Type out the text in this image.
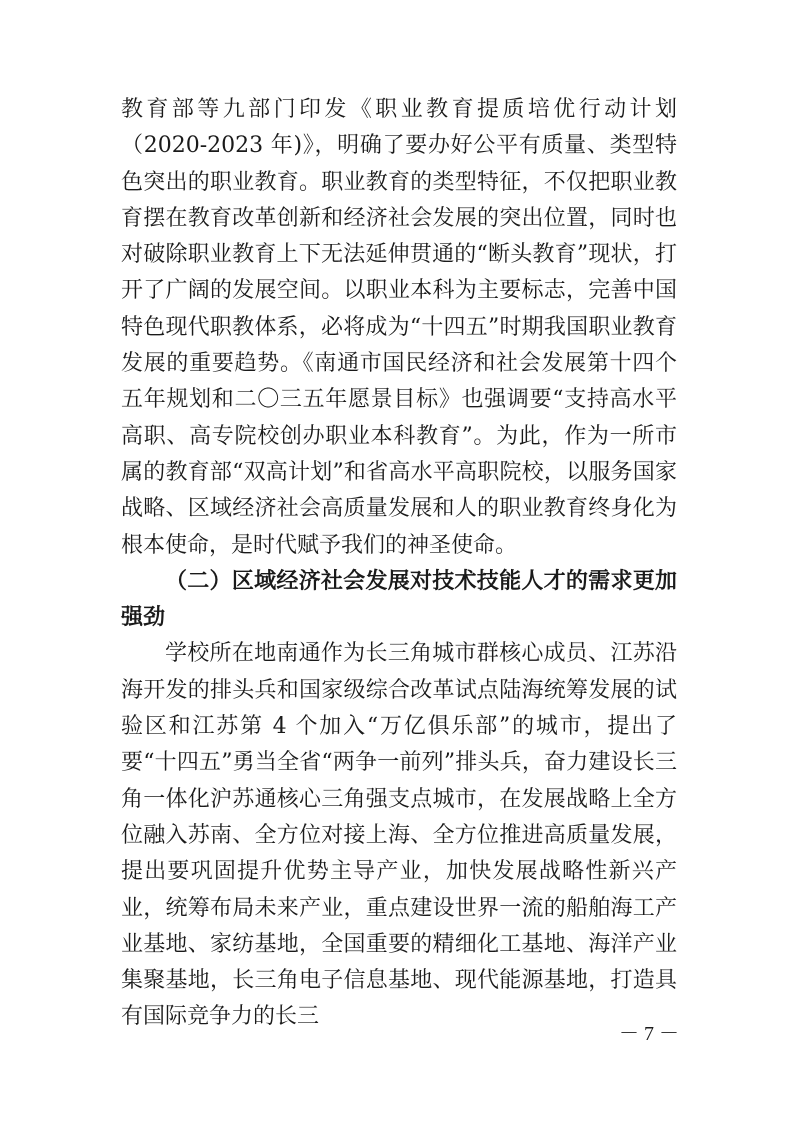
教育部等九部门印发《职业教育提质培优行动计划（2020-2023 年)》，明确了要办好公平有质量、类型特色突出的职业教育。职业教育的类型特征，不仅把职业教育摆在教育改革创新和经济社会发展的突出位置，同时也对破除职业教育上下无法延伸贯通的“断头教育”现状，打开了广阔的发展空间。以职业本科为主要标志，完善中国特色现代职教体系，必将成为“十四五”时期我国职业教育发展的重要趋势。《南通市国民经济和社会发展第十四个五年规划和二〇三五年愿景目标》也强调要“支持高水平高职、高专院校创办职业本科教育”。为此，作为一所市属的教育部“双高计划”和省高水平高职院校，以服务国家战略、区域经济社会高质量发展和人的职业教育终身化为根本使命，是时代赋予我们的神圣使命。

（二）区域经济社会发展对技术技能人才的需求更加强劲

学校所在地南通作为长三角城市群核心成员、江苏沿海开发的排头兵和国家级综合改革试点陆海统筹发展的试验区和江苏第 4 个加入“万亿俱乐部”的城市，提出了要“十四五”勇当全省“两争一前列”排头兵，奋力建设长三角一体化沪苏通核心三角强支点城市，在发展战略上全方位融入苏南、全方位对接上海、全方位推进高质量发展，提出要巩固提升优势主导产业，加快发展战略性新兴产业，统筹布局未来产业，重点建设世界一流的船舶海工产业基地、家纺基地，全国重要的精细化工基地、海洋产业集聚基地，长三角电子信息基地、现代能源基地，打造具有国际竞争力的长三

－ 7 －
